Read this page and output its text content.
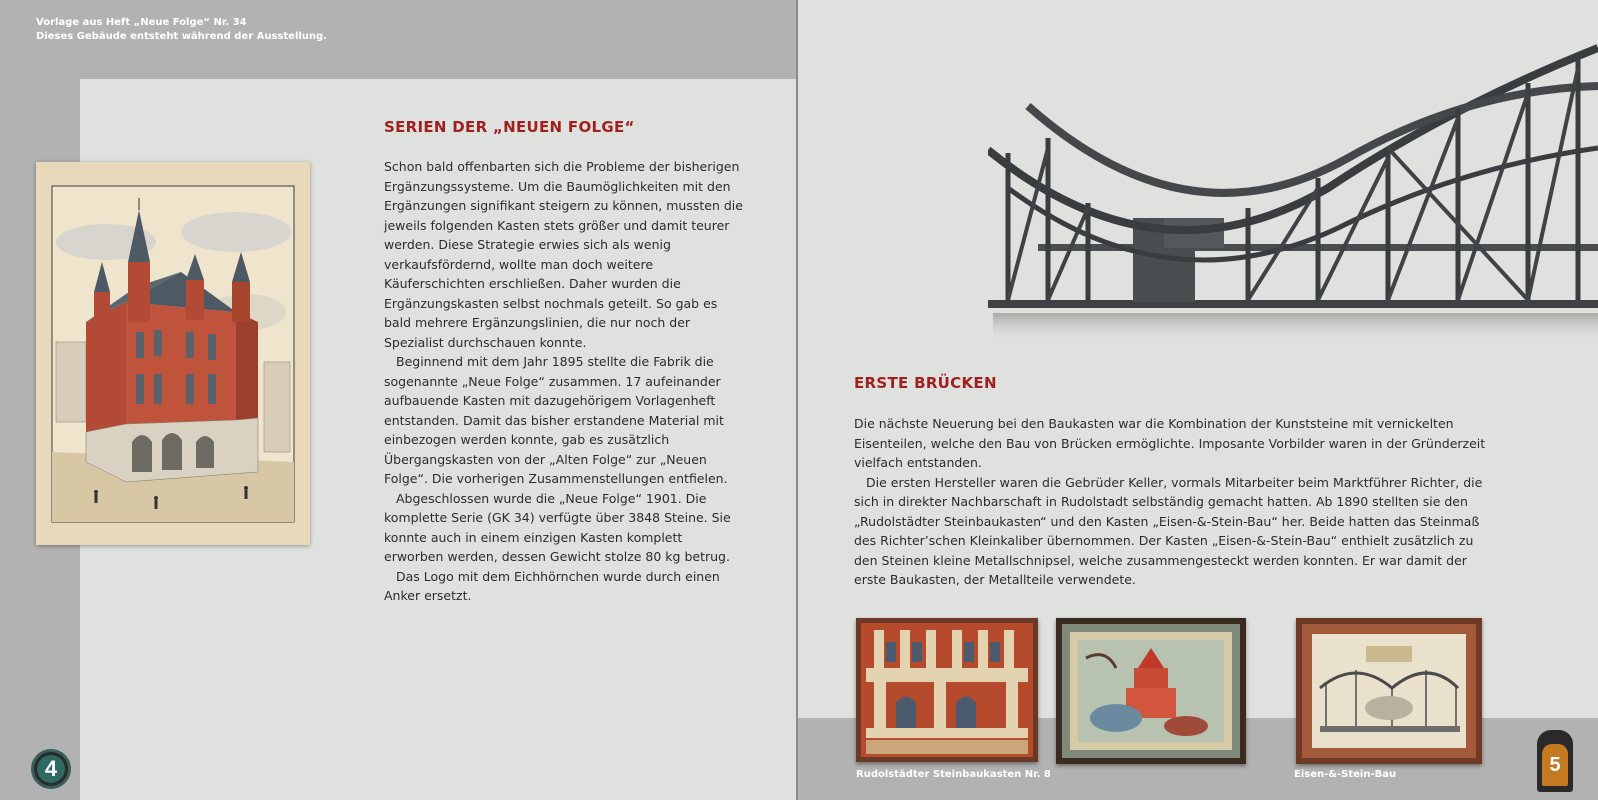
Vorlage aus Heft „Neue Folge“ Nr. 34
Dieses Gebäude entsteht während der Ausstellung.
SERIEN DER „NEUEN FOLGE“

Schon bald offenbarten sich die Probleme der bisherigen Ergänzungssysteme. Um die Baumöglichkeiten mit den Ergänzungen signifikant steigern zu können, mussten die jeweils folgenden Kasten stets größer und damit teurer werden. Diese Strategie erwies sich als wenig verkaufsfördernd, wollte man doch weitere Käuferschichten erschließen. Daher wurden die Ergänzungskasten selbst nochmals geteilt. So gab es bald mehrere Ergänzungslinien, die nur noch der Spezialist durchschauen konnte.

Beginnend mit dem Jahr 1895 stellte die Fabrik die sogenannte „Neue Folge“ zusammen. 17 aufeinander aufbauende Kasten mit dazugehörigem Vorlagenheft entstanden. Damit das bisher erstandene Material mit einbezogen werden konnte, gab es zusätzlich Übergangskasten von der „Alten Folge“ zur „Neuen Folge“. Die vorherigen Zusammenstellungen entfielen.

Abgeschlossen wurde die „Neue Folge“ 1901. Die komplette Serie (GK 34) verfügte über 3848 Steine. Sie konnte auch in einem einzigen Kasten komplett erworben werden, dessen Gewicht stolze 80 kg betrug.

Das Logo mit dem Eichhörnchen wurde durch einen Anker ersetzt.

4
ERSTE BRÜCKEN

Die nächste Neuerung bei den Baukasten war die Kombination der Kunststeine mit vernickelten Eisenteilen, welche den Bau von Brücken ermöglichte. Imposante Vorbilder waren in der Gründerzeit vielfach entstanden.

Die ersten Hersteller waren die Gebrüder Keller, vormals Mitarbeiter beim Marktführer Richter, die sich in direkter Nachbarschaft in Rudolstadt selbständig gemacht hatten. Ab 1890 stellten sie den „Rudolstädter Steinbaukasten“ und den Kasten „Eisen-&-Stein-Bau“ her. Beide hatten das Steinmaß des Richter’schen Kleinkaliber übernommen. Der Kasten „Eisen-&-Stein-Bau“ enthielt zusätzlich zu den Steinen kleine Metallschnipsel, welche zusammengesteckt werden konnten. Er war damit der erste Baukasten, der Metallteile verwendete.

Rudolstädter Steinbaukasten Nr. 8	Eisen-&-Stein-Bau	5
